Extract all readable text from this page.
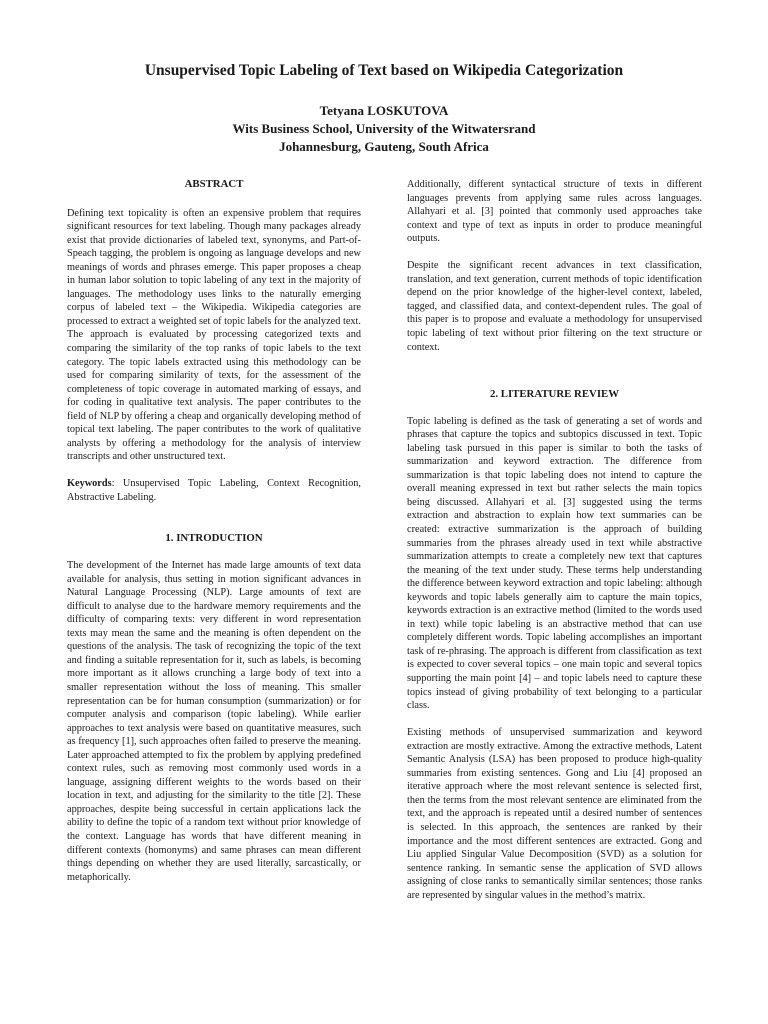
Unsupervised Topic Labeling of Text based on Wikipedia Categorization
Tetyana LOSKUTOVA
Wits Business School, University of the Witwatersrand
Johannesburg, Gauteng, South Africa
ABSTRACT

Defining text topicality is often an expensive problem that requires significant resources for text labeling. Though many packages already exist that provide dictionaries of labeled text, synonyms, and Part-of-Speach tagging, the problem is ongoing as language develops and new meanings of words and phrases emerge. This paper proposes a cheap in human labor solution to topic labeling of any text in the majority of languages. The methodology uses links to the naturally emerging corpus of labeled text – the Wikipedia. Wikipedia categories are processed to extract a weighted set of topic labels for the analyzed text. The approach is evaluated by processing categorized texts and comparing the similarity of the top ranks of topic labels to the text category. The topic labels extracted using this methodology can be used for comparing similarity of texts, for the assessment of the completeness of topic coverage in automated marking of essays, and for coding in qualitative text analysis. The paper contributes to the field of NLP by offering a cheap and organically developing method of topical text labeling. The paper contributes to the work of qualitative analysts by offering a methodology for the analysis of interview transcripts and other unstructured text.

Keywords: Unsupervised Topic Labeling, Context Recognition, Abstractive Labeling.

1. INTRODUCTION

The development of the Internet has made large amounts of text data available for analysis, thus setting in motion significant advances in Natural Language Processing (NLP). Large amounts of text are difficult to analyse due to the hardware memory requirements and the difficulty of comparing texts: very different in word representation texts may mean the same and the meaning is often dependent on the questions of the analysis. The task of recognizing the topic of the text and finding a suitable representation for it, such as labels, is becoming more important as it allows crunching a large body of text into a smaller representation without the loss of meaning. This smaller representation can be for human consumption (summarization) or for computer analysis and comparison (topic labeling). While earlier approaches to text analysis were based on quantitative measures, such as frequency [1], such approaches often failed to preserve the meaning. Later approached attempted to fix the problem by applying predefined context rules, such as removing most commonly used words in a language, assigning different weights to the words based on their location in text, and adjusting for the similarity to the title [2]. These approaches, despite being successful in certain applications lack the ability to define the topic of a random text without prior knowledge of the context. Language has words that have different meaning in different contexts (homonyms) and same phrases can mean different things depending on whether they are used literally, sarcastically, or metaphorically.

Additionally, different syntactical structure of texts in different languages prevents from applying same rules across languages. Allahyari et al. [3] pointed that commonly used approaches take context and type of text as inputs in order to produce meaningful outputs.

Despite the significant recent advances in text classification, translation, and text generation, current methods of topic identification depend on the prior knowledge of the higher-level context, labeled, tagged, and classified data, and context-dependent rules. The goal of this paper is to propose and evaluate a methodology for unsupervised topic labeling of text without prior filtering on the text structure or context.

2. LITERATURE REVIEW

Topic labeling is defined as the task of generating a set of words and phrases that capture the topics and subtopics discussed in text. Topic labeling task pursued in this paper is similar to both the tasks of summarization and keyword extraction. The difference from summarization is that topic labeling does not intend to capture the overall meaning expressed in text but rather selects the main topics being discussed. Allahyari et al. [3] suggested using the terms extraction and abstraction to explain how text summaries can be created: extractive summarization is the approach of building summaries from the phrases already used in text while abstractive summarization attempts to create a completely new text that captures the meaning of the text under study. These terms help understanding the difference between keyword extraction and topic labeling: although keywords and topic labels generally aim to capture the main topics, keywords extraction is an extractive method (limited to the words used in text) while topic labeling is an abstractive method that can use completely different words. Topic labeling accomplishes an important task of re-phrasing. The approach is different from classification as text is expected to cover several topics – one main topic and several topics supporting the main point [4] – and topic labels need to capture these topics instead of giving probability of text belonging to a particular class.

Existing methods of unsupervised summarization and keyword extraction are mostly extractive. Among the extractive methods, Latent Semantic Analysis (LSA) has been proposed to produce high-quality summaries from existing sentences. Gong and Liu [4] proposed an iterative approach where the most relevant sentence is selected first, then the terms from the most relevant sentence are eliminated from the text, and the approach is repeated until a desired number of sentences is selected. In this approach, the sentences are ranked by their importance and the most different sentences are extracted. Gong and Liu applied Singular Value Decomposition (SVD) as a solution for sentence ranking. In semantic sense the application of SVD allows assigning of close ranks to semantically similar sentences; those ranks are represented by singular values in the method’s matrix.
